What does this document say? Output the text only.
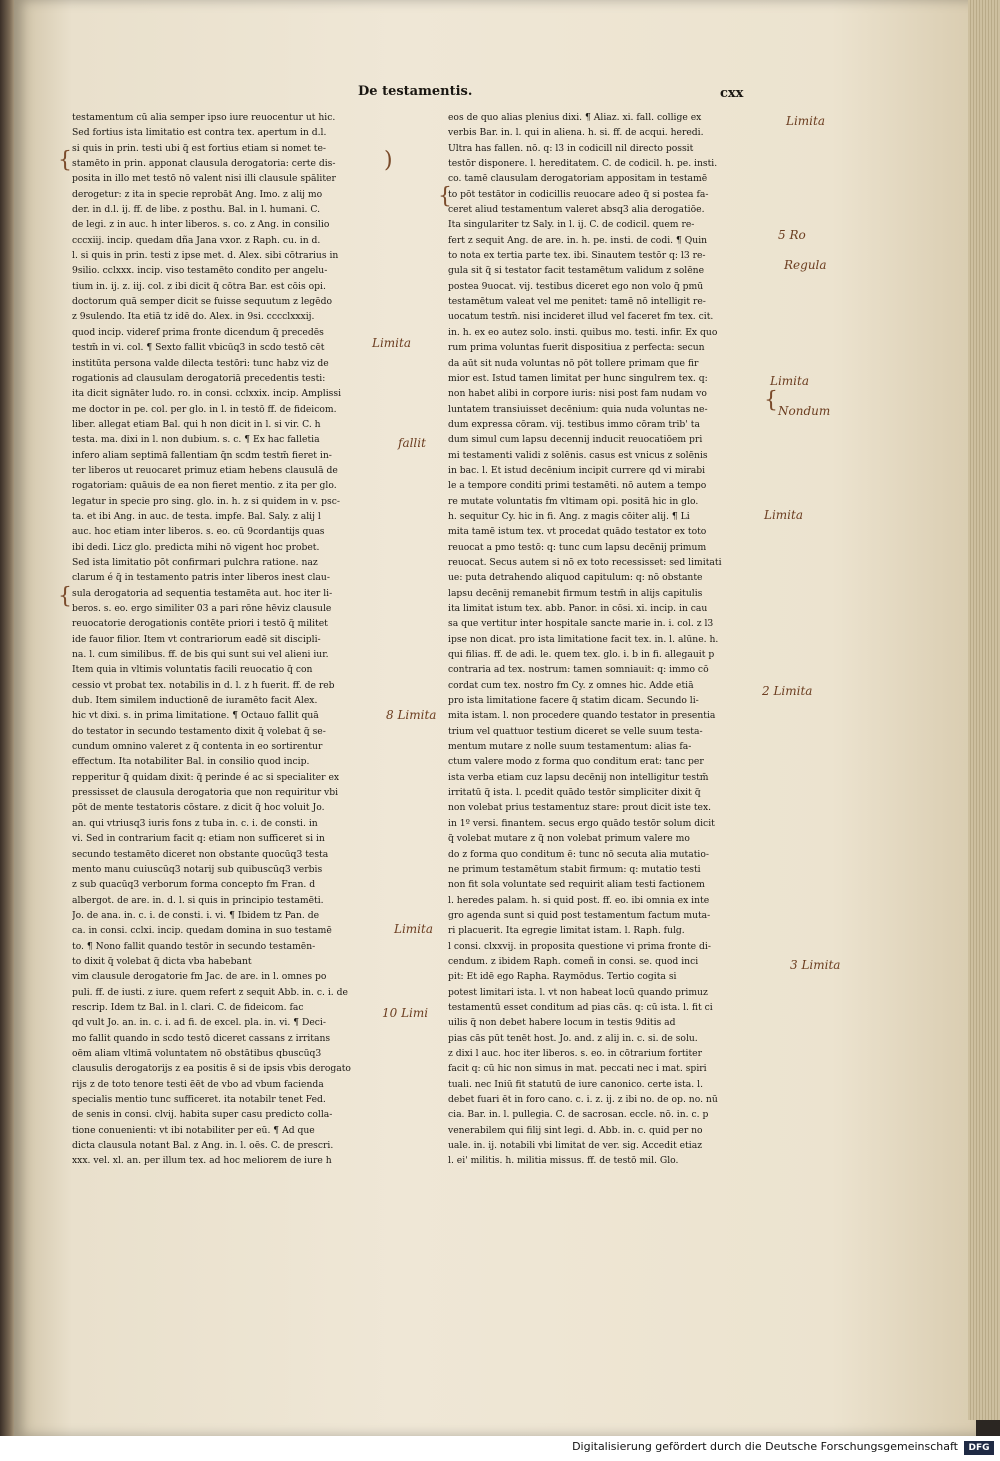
De testamentis.	cxx
testamentum cū alia semper ipso iure reuocentur ut hic.
Sed fortius ista limitatio est contra tex. apertum in d.l.
si quis in prin. testi ubi q̃ est fortius etiam si nomet te-
stamēto in prin. apponat clausula derogatoria: certe dis-
posita in illo met testō nō valent nisi illi clausule spāliter
derogetur: z ita in specie reprobāt Ang. Imo. z alij mo
der. in d.l. ij. ff. de libe. z posthu. Bal. in l. humani. C.
de legi. z in auc. h inter liberos. s. co. z Ang. in consilio
cccxiij. incip. quedam dña Jana vxor. z Raph. cu. in d.
l. si quis in prin. testi z ipse met. d. Alex. sibi cōtrarius in
9silio. cclxxx. incip. viso testamēto condito per angelu-
tium in. ij. z. iij. col. z ibi dicit q̃ cōtra Bar. est cōis opi.
doctorum quā semper dicit se fuisse sequutum z legēdo
z 9sulendo. Ita etiā tz idē do. Alex. in 9si. cccclxxxij.
quod incip. videref prima fronte dicendum q̃ precedēs
testm̄ in vi. col. ¶ Sexto fallit vbicūq3 in scdo testō cēt
institūta persona valde dilecta testōri: tunc habz viz de
rogationis ad clausulam derogatoriā precedentis testi:
ita dicit signāter ludo. ro. in consi. cclxxix. incip. Amplissi
me doctor in pe. col. per glo. in l. in testō ff. de fideicom.
liber. allegat etiam Bal. qui h non dicit in l. si vir. C. h
testa. ma. dixi in l. non dubium. s. c. ¶ Ex hac falletia
infero aliam septimā fallentiam q̄n scdm testm̄ fieret in-
ter liberos ut reuocaret primuz etiam hebens clausulā de
rogatoriam: quāuis de ea non fieret mentio. z ita per glo.
legatur in specie pro sing. glo. in. h. z si quidem in v. psc-
ta. et ibi Ang. in auc. de testa. impfe. Bal. Saly. z alij l
auc. hoc etiam inter liberos. s. eo. cū 9cordantijs quas
ibi dedi. Licz glo. predicta mihi nō vigent hoc probet.
Sed ista limitatio pōt confirmari pulchra ratione. naz
clarum é q̃ in testamento patris inter liberos inest clau-
sula derogatoria ad sequentia testamēta aut. hoc iter li-
beros. s. eo. ergo similiter 03 a pari rōne hēviz clausule
reuocatorie derogationis contēte priori i testō q̃ militet
ide fauor filior. Item vt contrariorum eadē sit discipli-
na. l. cum similibus. ff. de bis qui sunt sui vel alieni iur.
Item quia in vltimis voluntatis facili reuocatio q̃ con
cessio vt probat tex. notabilis in d. l. z h fuerit. ff. de reb
dub. Item similem inductionē de iuramēto facit Alex.
hic vt dixi. s. in prima limitatione. ¶ Octauo fallit quā
do testator in secundo testamento dixit q̃ volebat q̃ se-
cundum omnino valeret z q̃ contenta in eo sortirentur
effectum. Ita notabiliter Bal. in consilio quod incip.
repperitur q̃ quidam dixit: q̃ perinde é ac si specialiter ex
pressisset de clausula derogatoria que non requiritur vbi
pōt de mente testatoris cōstare. z dicit q̃ hoc voluit Jo.
an. qui vtriusq3 iuris fons z tuba in. c. i. de consti. in
vi. Sed in contrarium facit q: etiam non sufficeret si in
secundo testamēto diceret non obstante quocūq3 testa
mento manu cuiuscūq3 notarij sub quibuscūq3 verbis
z sub quacūq3 verborum forma concepto fm Fran. d
albergot. de are. in. d. l. si quis in principio testamēti.
Jo. de ana. in. c. i. de consti. i. vi. ¶ Ibidem tz Pan. de
ca. in consi. cclxi. incip. quedam domina in suo testamē
to. ¶ Nono fallit quando testōr in secundo testamēn-
to dixit q̃ volebat q̃ dicta vba habebant
vim clausule derogatorie fm Jac. de are. in l. omnes po
puli. ff. de iusti. z iure. quem refert z sequit Abb. in. c. i. de
rescrip. Idem tz Bal. in l. clari. C. de fideicom. fac
qd vult Jo. an. in. c. i. ad fi. de excel. pla. in. vi. ¶ Deci-
mo fallit quando in scdo testō diceret cassans z irritans
oēm aliam vltimā voluntatem nō obstātibus qbuscūq3
clausulis derogatorijs z ea positis ē si de ipsis vbis derogato
rijs z de toto tenore testi ēēt de vbo ad vbum facienda
specialis mentio tunc sufficeret. ita notabilr tenet Fed.
de senis in consi. clvij. habita super casu predicto colla-
tione conuenienti: vt ibi notabiliter per eū. ¶ Ad que
dicta clausula notant Bal. z Ang. in. l. oēs. C. de prescri.
xxx. vel. xl. an. per illum tex. ad hoc meliorem de iure h
eos de quo alias plenius dixi. ¶ Aliaz. xi. fall. collige ex
verbis Bar. in. l. qui in aliena. h. si. ff. de acqui. heredi.
Ultra has fallen. nō. q: l3 in codicill nil directo possit
testōr disponere. l. hereditatem. C. de codicil. h. pe. insti.
co. tamē clausulam derogatoriam appositam in testamē
to pōt testātor in codicillis reuocare adeo q̃ si postea fa-
ceret aliud testamentum valeret absq3 alia derogatiōe.
Ita singulariter tz Saly. in l. ij. C. de codicil. quem re-
fert z sequit Ang. de are. in. h. pe. insti. de codi. ¶ Quin
to nota ex tertia parte tex. ibi. Sinautem testōr q: l3 re-
gula sit q̃ si testator facit testamētum validum z solēne
postea 9uocat. vij. testibus diceret ego non volo q̃ pmū
testamētum valeat vel me penitet: tamē nō intelligit re-
uocatum testm̄. nisi incideret illud vel faceret fm tex. cit.
in. h. ex eo autez solo. insti. quibus mo. testi. infir. Ex quo
rum prima voluntas fuerit dispositiua z perfecta: secun
da aūt sit nuda voluntas nō pōt tollere primam que fir
mior est. Istud tamen limitat per hunc singulrem tex. q:
non habet alibi in corpore iuris: nisi post fam nudam vo
luntatem transiuisset decēnium: quia nuda voluntas ne-
dum expressa cōram. vij. testibus immo cōram trib' ta
dum simul cum lapsu decennij inducit reuocatiōem pri
mi testamenti validi z solēnis. casus est vnicus z solēnis
in bac. l. Et istud decēnium incipit currere qd vi mirabi
le a tempore conditi primi testamēti. nō autem a tempo
re mutate voluntatis fm vltimam opi. positā hic in glo.
h. sequitur Cy. hic in fi. Ang. z magis cōiter alij. ¶ Li
mita tamē istum tex. vt procedat quādo testator ex toto
reuocat a pmo testō: q: tunc cum lapsu decēnij primum
reuocat. Secus autem si nō ex toto recessisset: sed limitati
ue: puta detrahendo aliquod capitulum: q: nō obstante
lapsu decēnij remanebit firmum testm̄ in alijs capitulis
ita limitat istum tex. abb. Panor. in cōsi. xi. incip. in cau
sa que vertitur inter hospitale sancte marie in. i. col. z l3
ipse non dicat. pro ista limitatione facit tex. in. l. alūne. h.
qui filias. ff. de adi. le. quem tex. glo. i. b in fi. allegauit p
contraria ad tex. nostrum: tamen somniauit: q: immo cō
cordat cum tex. nostro fm Cy. z omnes hic. Adde etiā
pro ista limitatione facere q̃ statim dicam. Secundo li-
mita istam. l. non procedere quando testator in presentia
trium vel quattuor testium diceret se velle suum testa-
mentum mutare z nolle suum testamentum: alias fa-
ctum valere modo z forma quo conditum erat: tanc per
ista verba etiam cuz lapsu decēnij non intelligitur testm̄
irritatū q̃ ista. l. pcedit quādo testōr simpliciter dixit q̃
non volebat prius testamentuz stare: prout dicit iste tex.
in 1º versi. finantem. secus ergo quādo testōr solum dicit
q̃ volebat mutare z q̃ non volebat primum valere mo
do z forma quo conditum ē: tunc nō secuta alia mutatio-
ne primum testamētum stabit firmum: q: mutatio testi
non fit sola voluntate sed requirit aliam testi factionem
l. heredes palam. h. si quid post. ff. eo. ibi omnia ex inte
gro agenda sunt si quid post testamentum factum muta-
ri placuerit. Ita egregie limitat istam. l. Raph. fulg.
l consi. clxxvij. in proposita questione vi prima fronte di-
cendum. z ibidem Raph. comeñ in consi. se. quod inci
pit: Et idē ego Rapha. Raymōdus. Tertio cogita si
potest limitari ista. l. vt non habeat locū quando primuz
testamentū esset conditum ad pias cās. q: cū ista. l. fit ci
uilis q̃ non debet habere locum in testis 9ditis ad
pias cās pūt tenēt host. Jo. and. z alij in. c. si. de solu.
z dixi l auc. hoc iter liberos. s. eo. in cōtrarium fortiter
facit q: cū hic non simus in mat. peccati nec i mat. spiri
tuali. nec Iniū fit statutū de iure canonico. certe ista. l.
debet fuari ēt in foro cano. c. i. z. ij. z ibi no. de op. no. nū
cia. Bar. in. l. pullegia. C. de sacrosan. eccle. nō. in. c. p
venerabilem qui filij sint legi. d. Abb. in. c. quid per no
uale. in. ij. notabili vbi limitat de ver. sig. Accedit etiaz
l. ei' militis. h. militia missus. ff. de testō mil. Glo.
{	)
{
{
{
fallit
8 Limita
Limita
10 Limi
Limita
Limita
5 Ro
Regula
Limita
Nondum
Limita
2 Limita
3 Limita
Digitalisierung gefördert durch die Deutsche Forschungsgemeinschaft	DFG
